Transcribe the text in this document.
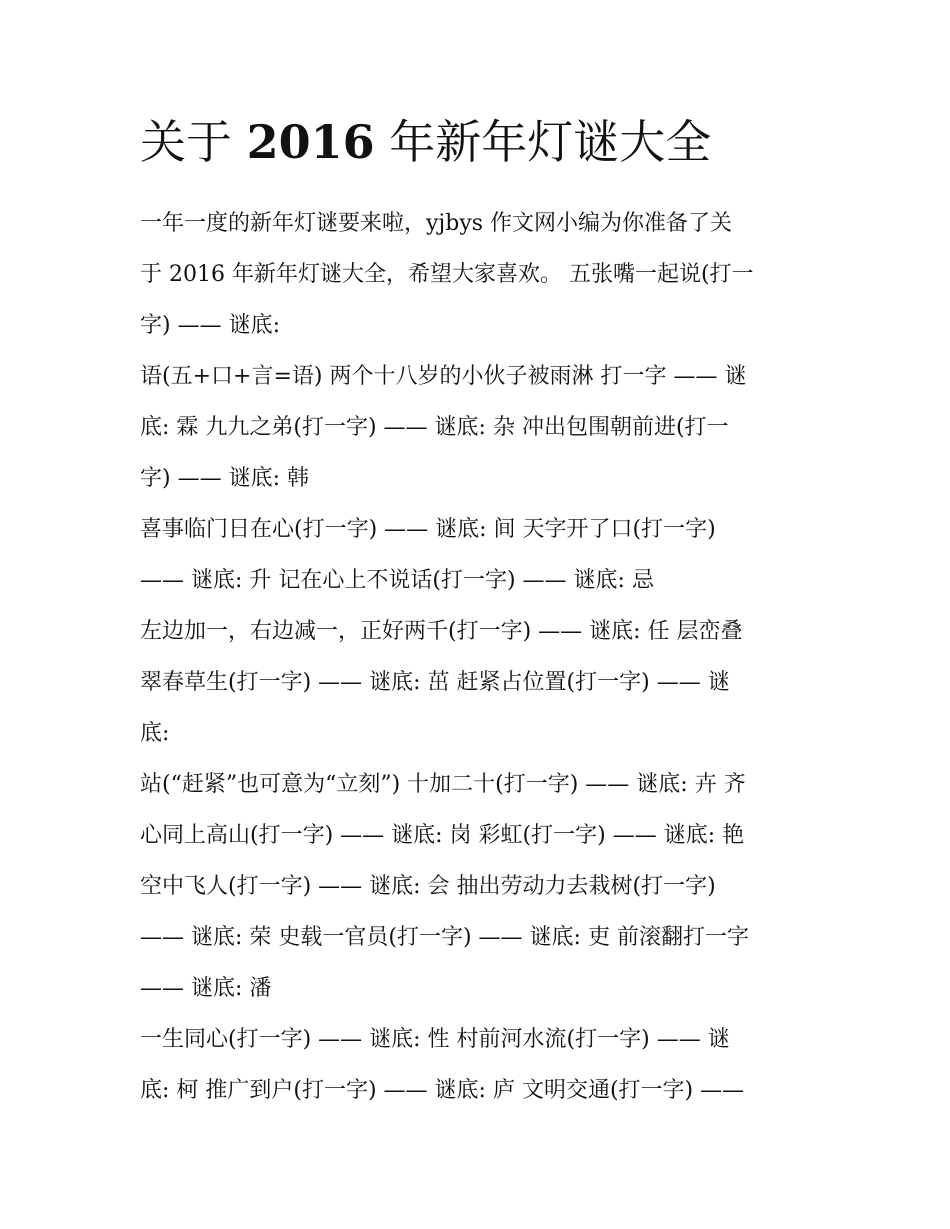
关于 2016 年新年灯谜大全
一年一度的新年灯谜要来啦，yjbys 作文网小编为你准备了关
于 2016 年新年灯谜大全，希望大家喜欢。 五张嘴一起说(打一
字) —— 谜底:
语(五+口+言=语) 两个十八岁的小伙子被雨淋 打一字 —— 谜
底: 霖 九九之弟(打一字) —— 谜底: 杂 冲出包围朝前进(打一
字) —— 谜底: 韩
喜事临门日在心(打一字) —— 谜底: 间 天字开了口(打一字)
—— 谜底: 升 记在心上不说话(打一字) —— 谜底: 忌
左边加一，右边减一，正好两千(打一字) —— 谜底: 任 层峦叠
翠春草生(打一字) —— 谜底: 茁 赶紧占位置(打一字) —— 谜
底:
站(“赶紧”也可意为“立刻”) 十加二十(打一字) —— 谜底: 卉 齐
心同上高山(打一字) —— 谜底: 岗 彩虹(打一字) —— 谜底: 艳
空中飞人(打一字) —— 谜底: 会 抽出劳动力去栽树(打一字)
—— 谜底: 荣 史载一官员(打一字) —— 谜底: 吏 前滚翻打一字
—— 谜底: 潘
一生同心(打一字) —— 谜底: 性 村前河水流(打一字) —— 谜
底: 柯 推广到户(打一字) —— 谜底: 庐 文明交通(打一字) ——
